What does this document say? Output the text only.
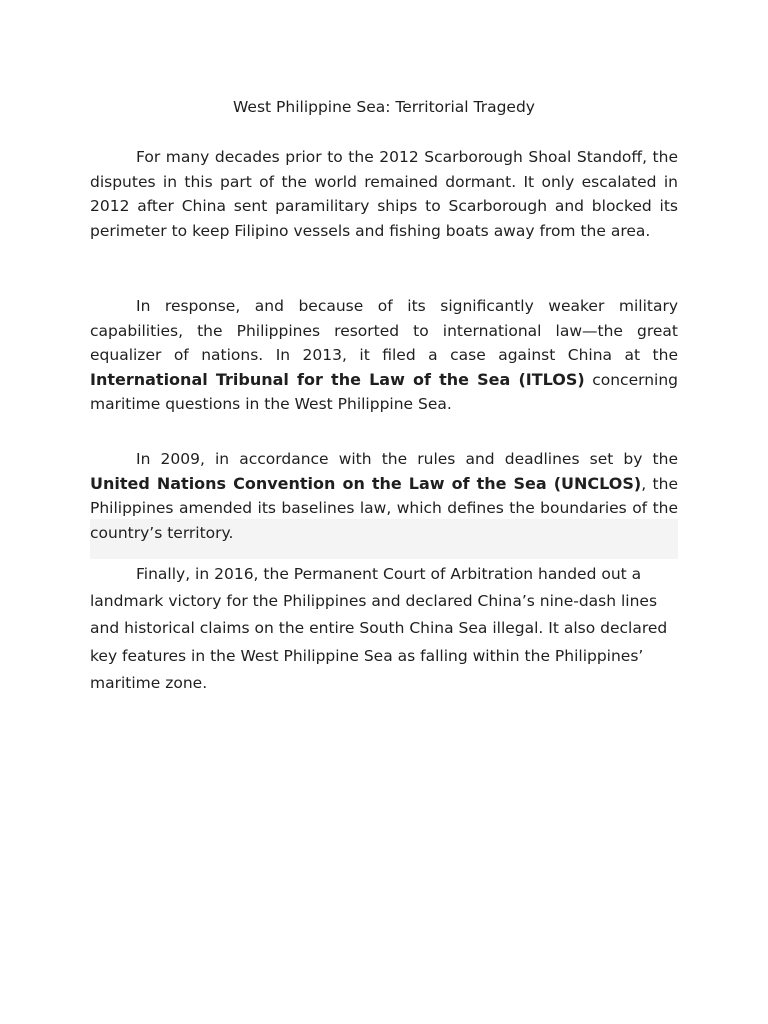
West Philippine Sea: Territorial Tragedy

For many decades prior to the 2012 Scarborough Shoal Standoff, the disputes in this part of the world remained dormant. It only escalated in 2012 after China sent paramilitary ships to Scarborough and blocked its perimeter to keep Filipino vessels and fishing boats away from the area.

In response, and because of its significantly weaker military capabilities, the Philippines resorted to international law—the great equalizer of nations. In 2013, it filed a case against China at the International Tribunal for the Law of the Sea (ITLOS) concerning maritime questions in the West Philippine Sea.

In 2009, in accordance with the rules and deadlines set by the United Nations Convention on the Law of the Sea (UNCLOS), the Philippines amended its baselines law, which defines the boundaries of the country’s territory.

Finally, in 2016, the Permanent Court of Arbitration handed out a landmark victory for the Philippines and declared China’s nine-dash lines and historical claims on the entire South China Sea illegal. It also declared key features in the West Philippine Sea as falling within the Philippines’ maritime zone.
